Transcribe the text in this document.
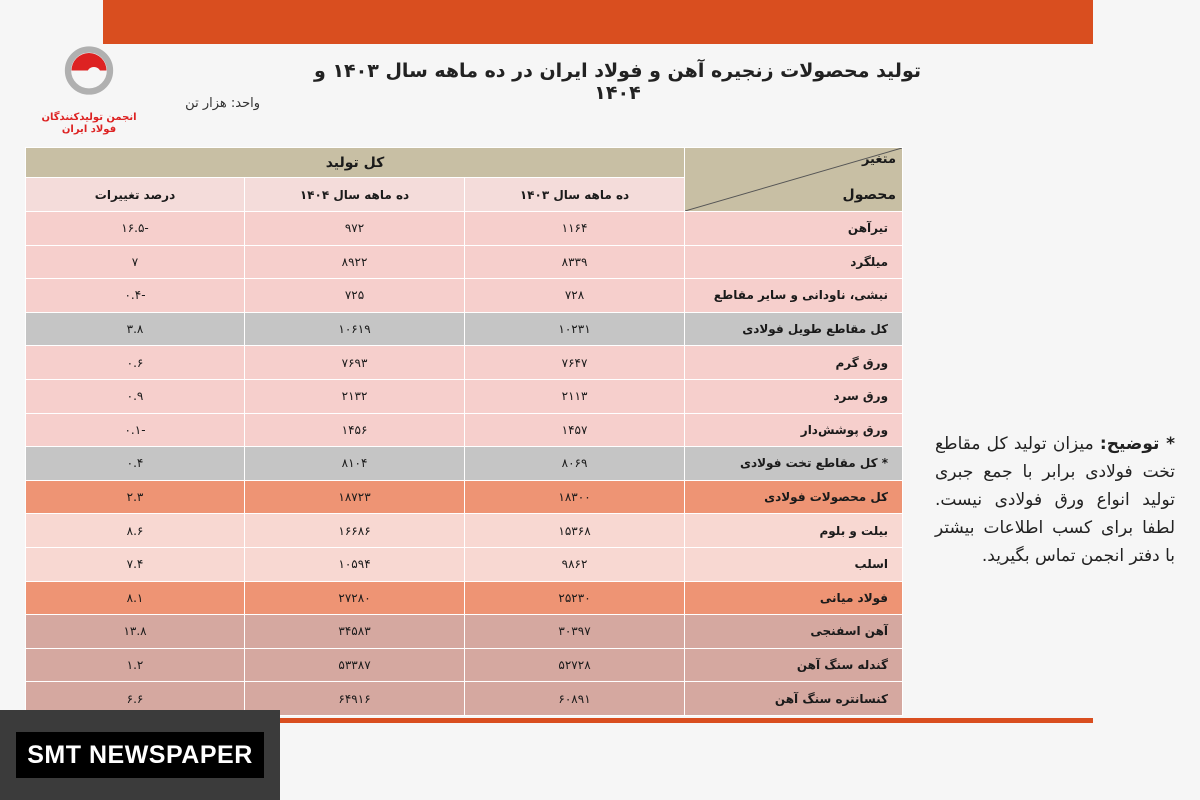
انجمن تولیدکنندگان
فولاد ایران
تولید محصولات زنجیره آهن و فولاد ایران در ده ماهه سال ۱۴۰۳ و ۱۴۰۴
واحد: هزار تن
متغیر
محصول	کل تولید		
	ده ماهه سال ۱۴۰۳	ده ماهه سال ۱۴۰۴	درصد تغییرات
تیرآهن	۱۱۶۴	۹۷۲	-۱۶.۵
میلگرد	۸۳۳۹	۸۹۲۲	۷
نبشی، ناودانی و سایر مقاطع	۷۲۸	۷۲۵	-۰.۴
کل مقاطع طویل فولادی	۱۰۲۳۱	۱۰۶۱۹	۳.۸
ورق گرم	۷۶۴۷	۷۶۹۳	۰.۶
ورق سرد	۲۱۱۳	۲۱۳۲	۰.۹
ورق پوشش‌دار	۱۴۵۷	۱۴۵۶	-۰.۱
* کل مقاطع تخت فولادی	۸۰۶۹	۸۱۰۴	۰.۴
کل محصولات فولادی	۱۸۳۰۰	۱۸۷۲۳	۲.۳
بیلت و بلوم	۱۵۳۶۸	۱۶۶۸۶	۸.۶
اسلب	۹۸۶۲	۱۰۵۹۴	۷.۴
فولاد میانی	۲۵۲۳۰	۲۷۲۸۰	۸.۱
آهن اسفنجی	۳۰۳۹۷	۳۴۵۸۳	۱۳.۸
گندله سنگ آهن	۵۲۷۲۸	۵۳۳۸۷	۱.۲
کنسانتره سنگ آهن	۶۰۸۹۱	۶۴۹۱۶	۶.۶
* توضیح: میزان تولید کل مقاطع تخت فولادی برابر با جمع جبری تولید انواع ورق فولادی نیست. لطفا برای کسب اطلاعات بیشتر با دفتر انجمن تماس بگیرید.
SMT NEWSPAPER
